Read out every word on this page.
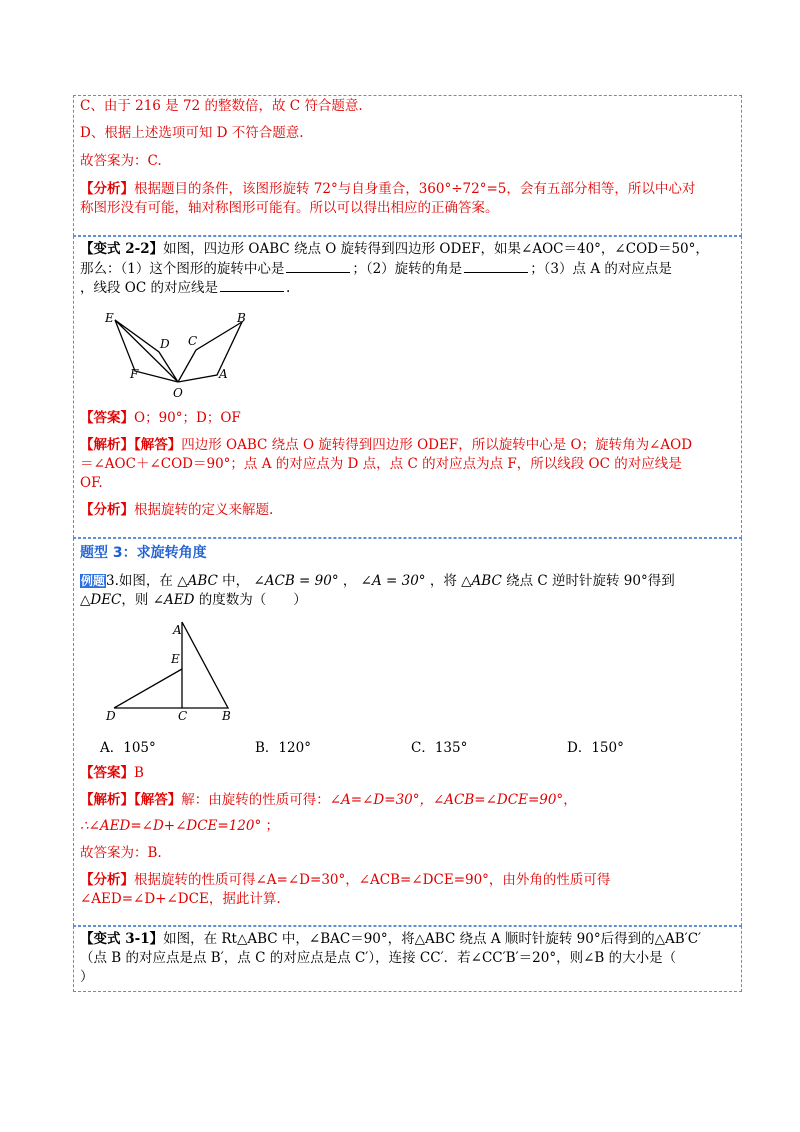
C、由于 216 是 72 的整数倍，故 C 符合题意.
D、根据上述选项可知 D 不符合题意.
故答案为：C.
【分析】根据题目的条件，该图形旋转 72°与自身重合，360°÷72°=5，会有五部分相等，所以中心对
称图形没有可能，轴对称图形可能有。所以可以得出相应的正确答案。
【变式 2-2】如图，四边形 OABC 绕点 O 旋转得到四边形 ODEF，如果∠AOC＝40°，∠COD＝50°，
那么：（1）这个图形的旋转中心是	；（2）旋转的角是	；（3）点 A 的对应点是
，线段 OC 的对应线是	.
E
D C
B
F	A
O
【答案】O；90°；D；OF
【解析】【解答】四边形 OABC 绕点 O 旋转得到四边形 ODEF，所以旋转中心是 O；旋转角为∠AOD
＝∠AOC＋∠COD＝90°；点 A 的对应点为 D 点，点 C 的对应点为点 F，所以线段 OC 的对应线是
OF.
【分析】根据旋转的定义来解题.
题型 3：求旋转角度
例题3.如图，在 △ABC 中， ∠ACB = 90° ， ∠A = 30° ，将 △ABC 绕点 C 逆时针旋转 90°得到
△DEC，则 ∠AED 的度数为（　　）
A
E
D	C	B
A．105°	B．120°	C．135°	D．150°
【答案】B
【解析】【解答】解：由旋转的性质可得：∠A=∠D=30°，∠ACB=∠DCE=90°，
∴∠AED=∠D+∠DCE=120° ；
故答案为：B.
【分析】根据旋转的性质可得∠A=∠D=30°，∠ACB=∠DCE=90°，由外角的性质可得
∠AED=∠D+∠DCE，据此计算.
【变式 3-1】如图，在 Rt△ABC 中，∠BAC＝90°，将△ABC 绕点 A 顺时针旋转 90°后得到的△AB′C′
（点 B 的对应点是点 B′，点 C 的对应点是点 C′），连接 CC′．若∠CC′B′＝20°，则∠B 的大小是（
）
